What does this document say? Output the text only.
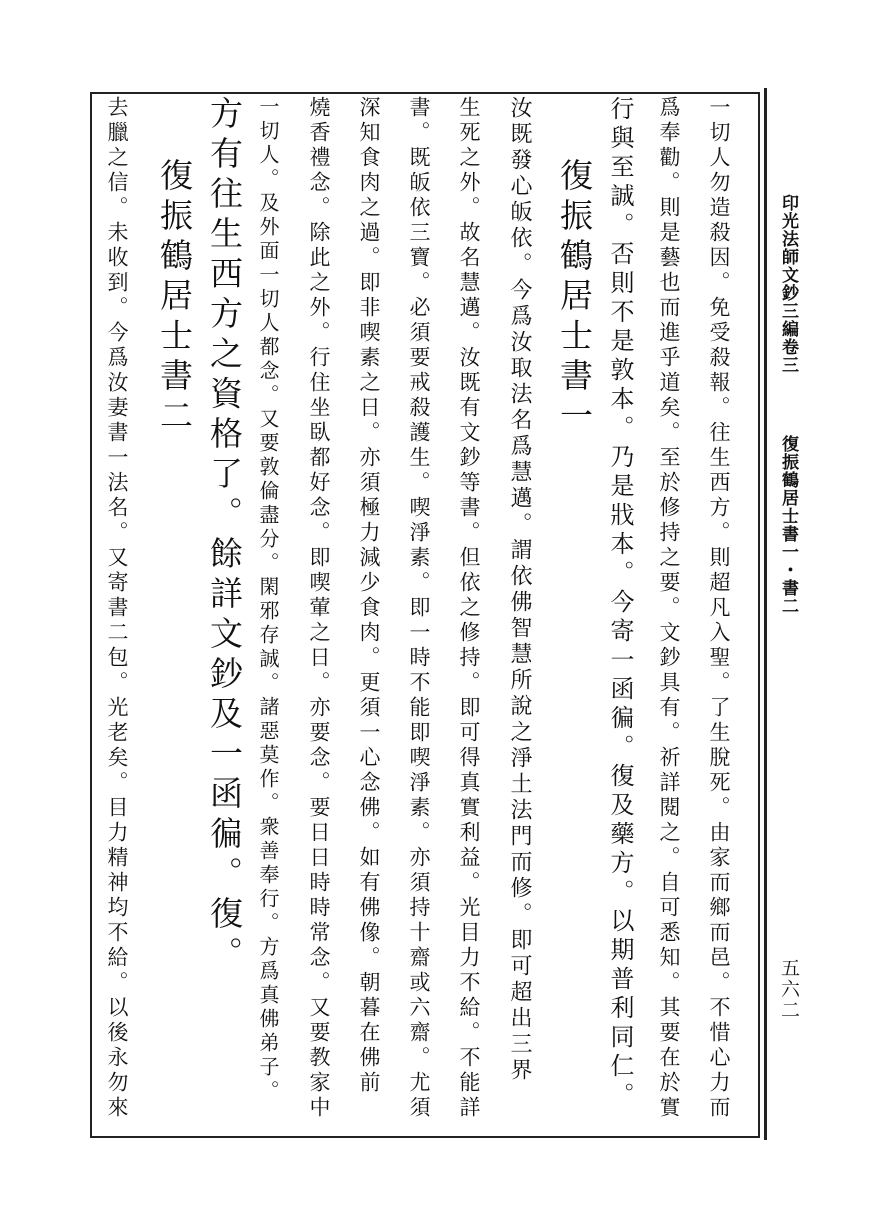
印光法師文鈔三編卷三
復振鶴居士書一・書二
五六二
一切人勿造殺因。免受殺報。往生西方。則超凡入聖。了生脫死。由家而鄉而邑。不惜心力而
爲奉勸。則是藝也而進乎道矣。至於修持之要。文鈔具有。祈詳閱之。自可悉知。其要在於實
行與至誠。否則不是敦本。乃是戕本。今寄一函徧。復及藥方。以期普利同仁。
復振鶴居士書一
汝既發心皈依。今爲汝取法名爲慧邁。謂依佛智慧所說之淨土法門而修。即可超出三界
生死之外。故名慧邁。汝既有文鈔等書。但依之修持。即可得真實利益。光目力不給。不能詳
書。既皈依三寶。必須要戒殺護生。喫淨素。即一時不能即喫淨素。亦須持十齋或六齋。尤須
深知食肉之過。即非喫素之日。亦須極力減少食肉。更須一心念佛。如有佛像。朝暮在佛前
燒香禮念。除此之外。行住坐臥都好念。即喫葷之日。亦要念。要日日時時常念。又要教家中
一切人。及外面一切人都念。又要敦倫盡分。閑邪存誠。諸惡莫作。衆善奉行。方爲真佛弟子。
方有往生西方之資格了。餘詳文鈔及一函徧。復。
復振鶴居士書二
去臘之信。未收到。今爲汝妻書一法名。又寄書二包。光老矣。目力精神均不給。以後永勿來
